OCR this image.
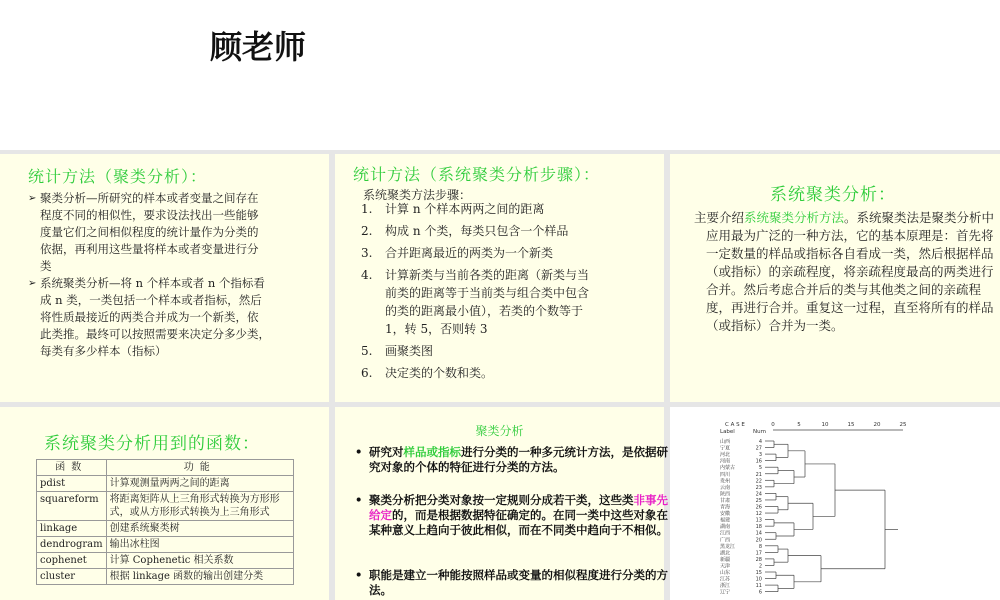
顾老师
统计方法（聚类分析）：
➢ 聚类分析—所研究的样本或者变量之间存在
程度不同的相似性，要求设法找出一些能够
度量它们之间相似程度的统计量作为分类的
依据，再利用这些量将样本或者变量进行分
类
➢ 系统聚类分析—将 n 个样本或者 n 个指标看
成 n 类，一类包括一个样本或者指标，然后
将性质最接近的两类合并成为一个新类，依
此类推。最终可以按照需要来决定分多少类，
每类有多少样本（指标）
统计方法（系统聚类分析步骤）：
系统聚类方法步骤：
1. 计算 n 个样本两两之间的距离
2. 构成 n 个类，每类只包含一个样品
3. 合并距离最近的两类为一个新类
4. 计算新类与当前各类的距离（新类与当
前类的距离等于当前类与组合类中包含
的类的距离最小值），若类的个数等于
1，转 5，否则转 3
5. 画聚类图
6. 决定类的个数和类。
系统聚类分析：
主要介绍系统聚类分析方法。系统聚类法是聚类分析中应用最为广泛的一种方法，它的基本原理是：首先将一定数量的样品或指标各自看成一类，然后根据样品（或指标）的亲疏程度，将亲疏程度最高的两类进行合并。然后考虑合并后的类与其他类之间的亲疏程度，再进行合并。重复这一过程，直至将所有的样品（或指标）合并为一类。
系统聚类分析用到的函数：
函数	功能
pdist	计算观测量两两之间的距离
squareform	将距离矩阵从上三角形式转换为方形形式，或从方形形式转换为上三角形式
linkage	创建系统聚类树
dendrogram	输出冰柱图
cophenet	计算 Cophenetic 相关系数
cluster	根据 linkage 函数的输出创建分类
聚类分析
• 研究对样品或指标进行分类的一种多元统计方法，是依据研究对象的个体的特征进行分类的方法。
• 聚类分析把分类对象按一定规则分成若干类，这些类非事先给定的，而是根据数据特征确定的。在同一类中这些对象在某种意义上趋向于彼此相似，而在不同类中趋向于不相似。
• 职能是建立一种能按照样品或变量的相似程度进行分类的方法。
C A S E
Label	Num
0	5	10	15	20	25
山西	4
宁夏	27
河北	3
河南	16
内蒙古	5
四川	21
贵州	22
云南	23
陕西	24
甘肃	25
青海	26
安徽	12
福建	13
湖南	18
江西	14
广西	20
黑龙江	8
湖北	17
新疆	28
天津	2
山东	15
江苏	10
浙江	11
辽宁	6
